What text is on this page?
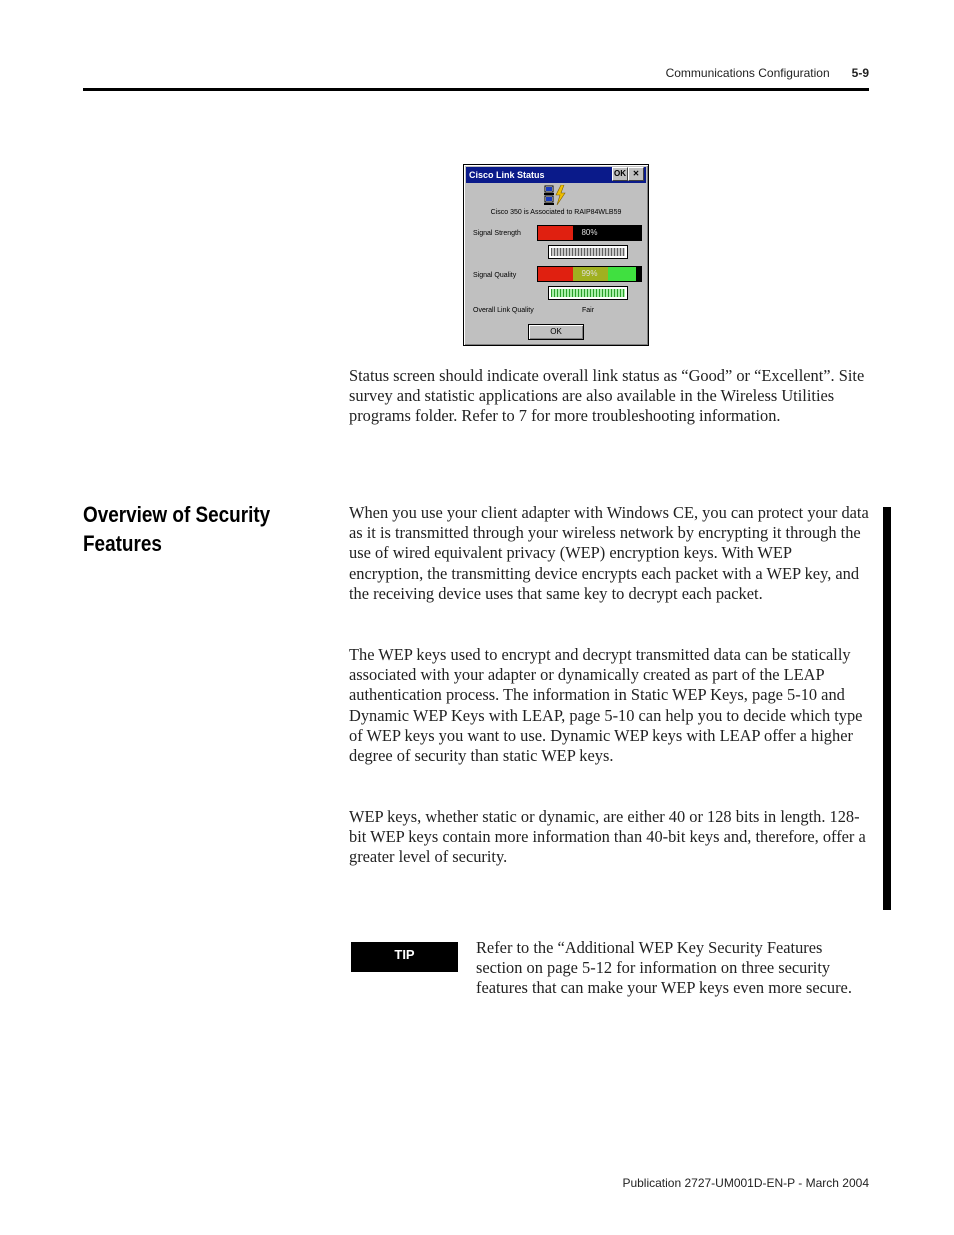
Communications Configuration 5-9
Cisco Link Status	OK ✕
Cisco 350 is Associated to RAIP84WLB59
Signal Strength	80%
Signal Quality	99%
Overall Link Quality	Fair
OK

Status screen should indicate overall link status as “Good” or “Excellent”. Site survey and statistic applications are also available in the Wireless Utilities programs folder. Refer to 7 for more troubleshooting information.

Overview of Security Features

When you use your client adapter with Windows CE, you can protect your data as it is transmitted through your wireless network by encrypting it through the use of wired equivalent privacy (WEP) encryption keys. With WEP encryption, the transmitting device encrypts each packet with a WEP key, and the receiving device uses that same key to decrypt each packet.

The WEP keys used to encrypt and decrypt transmitted data can be statically associated with your adapter or dynamically created as part of the LEAP authentication process. The information in Static WEP Keys, page 5-10 and Dynamic WEP Keys with LEAP, page 5-10 can help you to decide which type of WEP keys you want to use. Dynamic WEP keys with LEAP offer a higher degree of security than static WEP keys.

WEP keys, whether static or dynamic, are either 40 or 128 bits in length. 128-bit WEP keys contain more information than 40-bit keys and, therefore, offer a greater level of security.

TIP	Refer to the “Additional WEP Key Security Features section on page 5-12 for information on three security features that can make your WEP keys even more secure.

Publication 2727-UM001D-EN-P - March 2004
